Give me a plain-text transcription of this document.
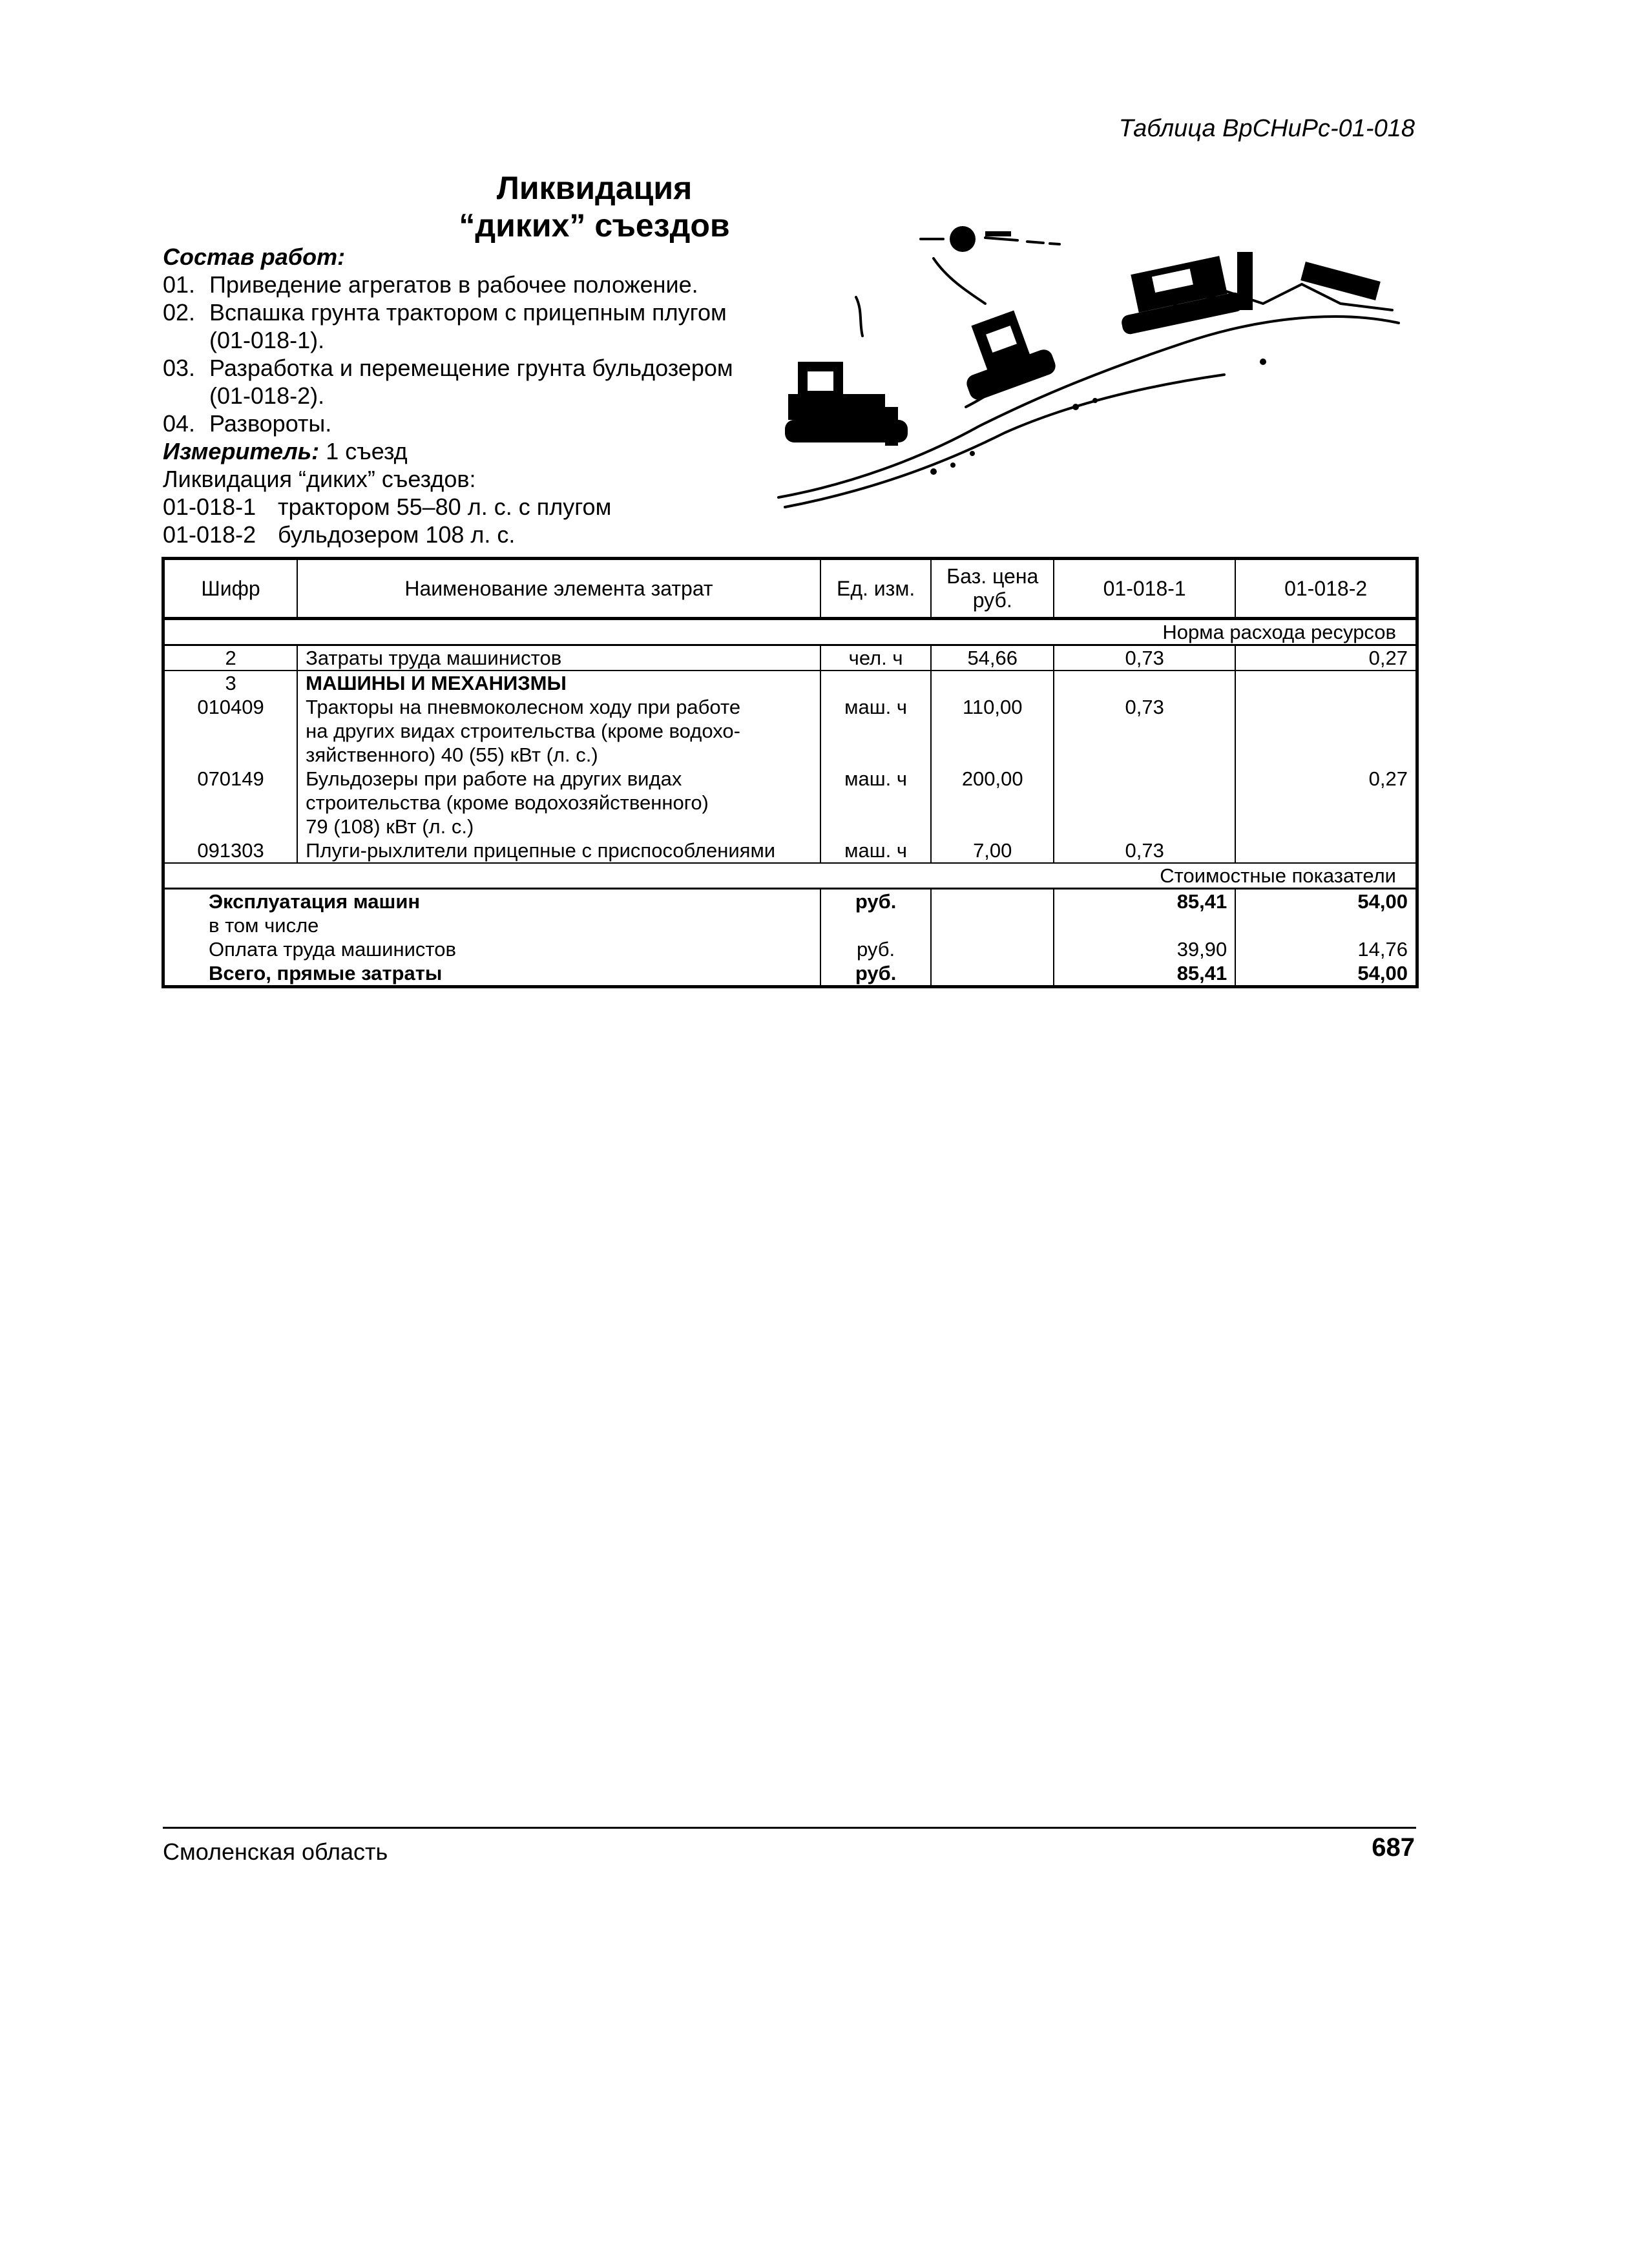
Таблица ВрСНиРс-01-018
Ликвидация
“диких” съездов
Состав работ:
01. Приведение агрегатов в рабочее положение.
02. Вспашка грунта трактором с прицепным плугом
(01-018-1).
03. Разработка и перемещение грунта бульдозером
(01-018-2).
04. Развороты.
Измеритель: 1 съезд
Ликвидация “диких” съездов:
01-018-1 трактором 55–80 л. с. с плугом
01-018-2 бульдозером 108 л. с.
Шифр	Наименование элемента затрат	Ед. изм.	Баз. цена руб.	01-018-1	01-018-2
				Норма расхода ресурсов	
2	Затраты труда машинистов	чел. ч	54,66	0,73	0,27
3	МАШИНЫ И МЕХАНИЗМЫ				
010409	Тракторы на пневмоколесном ходу при работе
на других видах строительства (кроме водохо-
зяйственного) 40 (55) кВт (л. с.)	маш. ч	110,00	0,73	
070149	Бульдозеры при работе на других видах
строительства (кроме водохозяйственного)
79 (108) кВт (л. с.)	маш. ч	200,00		0,27
091303	Плуги-рыхлители прицепные с приспособлениями	маш. ч	7,00	0,73	
				Стоимостные показатели	
Эксплуатация машин		руб.		85,41	54,00
в том числе					
Оплата труда машинистов		руб.		39,90	14,76
Всего, прямые затраты		руб.		85,41	54,00
Смоленская область	687
